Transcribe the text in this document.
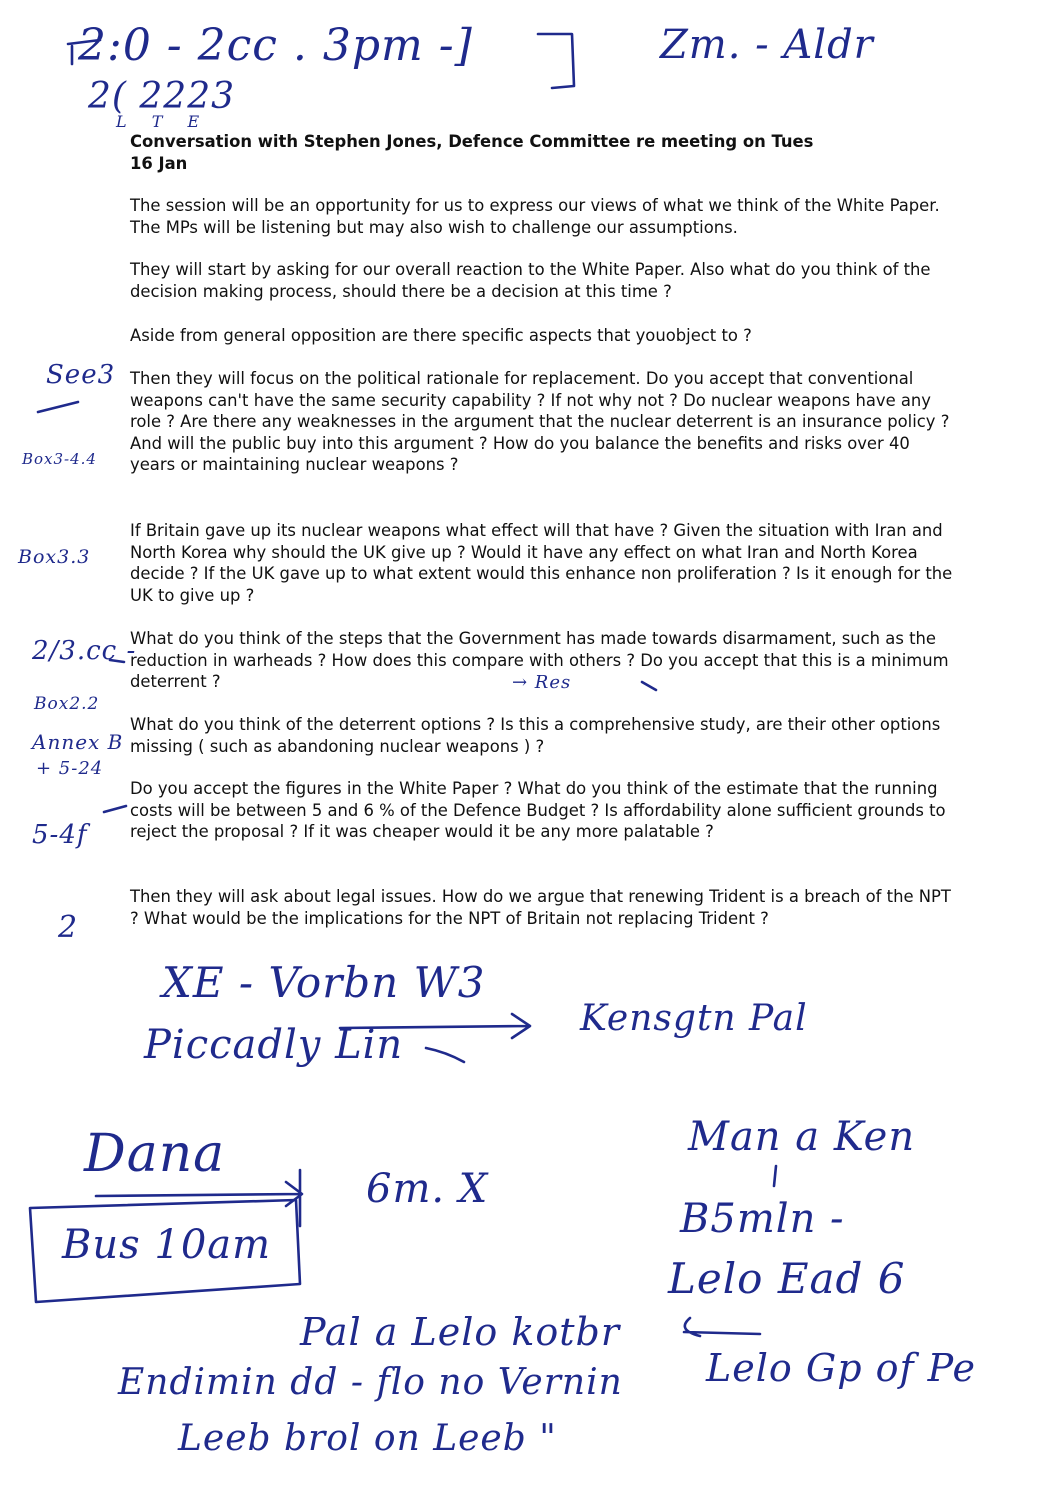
Conversation with Stephen Jones, Defence Committee re meeting on Tues
16 Jan

The session will be an opportunity for us to express our views of what we think of the White Paper. The MPs will be listening but may also wish to challenge our assumptions.

They will start by asking for our overall reaction to the White Paper. Also what do you think of the decision making process, should there be a decision at this time ?

Aside from general opposition are there specific aspects that youobject to ?

Then they will focus on the political rationale for replacement. Do you accept that conventional weapons can't have the same security capability ? If not why not ? Do nuclear weapons have any role ? Are there any weaknesses in the argument that the nuclear deterrent is an insurance policy ? And will the public buy into this argument ? How do you balance the benefits and risks over 40 years or maintaining nuclear weapons ?

If Britain gave up its nuclear weapons what effect will that have ? Given the situation with Iran and North Korea why should the UK give up ? Would it have any effect on what Iran and North Korea decide ? If the UK gave up to what extent would this enhance non proliferation ? Is it enough for the UK to give up ?

What do you think of the steps that the Government has made towards disarmament, such as the reduction in warheads ? How does this compare with others ? Do you accept that this is a minimum deterrent ?

What do you think of the deterrent options ? Is this a comprehensive study, are their other options missing ( such as abandoning nuclear weapons ) ?

Do you accept the figures in the White Paper ? What do you think of the estimate that the running costs will be between 5 and 6 % of the Defence Budget ? Is affordability alone sufficient grounds to reject the proposal ? If it was cheaper would it be any more palatable ?

Then they will ask about legal issues. How do we argue that renewing Trident is a breach of the NPT ? What would be the implications for the NPT of Britain not replacing Trident ?

2:0 - 2cc . 3pm -]	Zm. - Aldr
2( 2223
L T E
See3
Box3-4.4
Box3.3
2/3.cc -
Box2.2
Annex B
+ 5-24
5-4f
2
→ Res
XE - Vorbn W3
Piccadly Lin
Kensgtn Pal
Dana
Bus 10am
6m. X
Man a Ken
B5mln -
Lelo Ead 6
Pal a Lelo kotbr
Endimin dd - flo no Vernin Lelo Gp of Pe
Leeb brol on Leeb "
